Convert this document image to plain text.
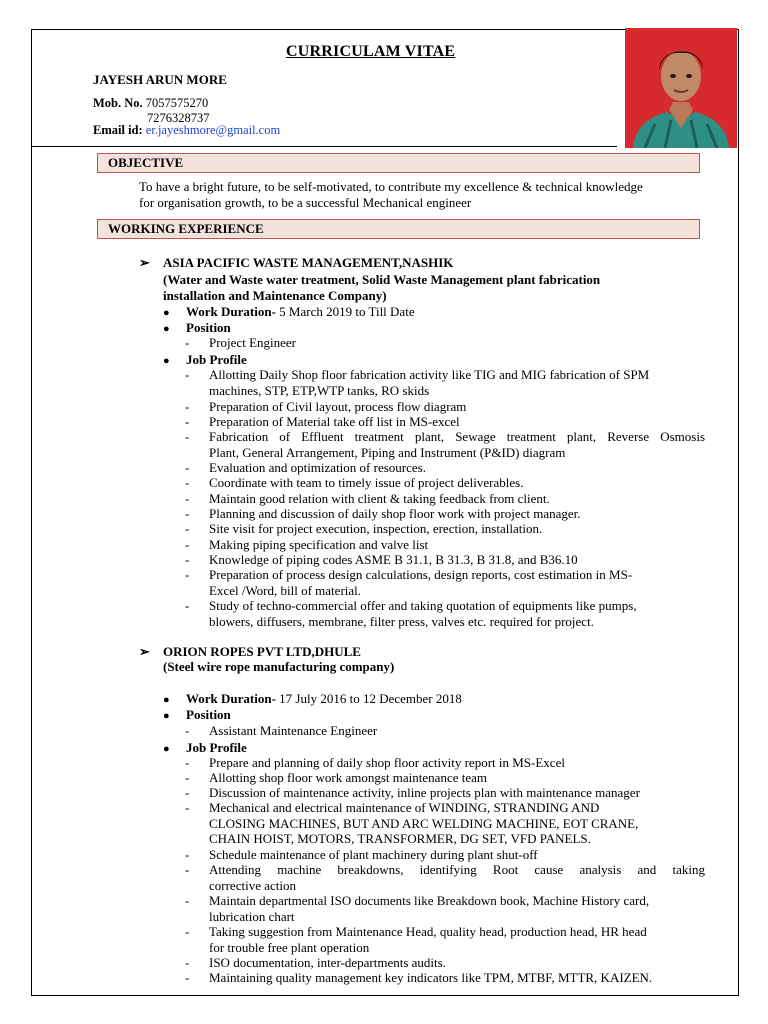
CURRICULAM VITAE
JAYESH ARUN MORE
Mob. No. 7057575270
7276328737
Email id: er.jayeshmore@gmail.com
OBJECTIVE
To have a bright future, to be self-motivated, to contribute my excellence & technical knowledge
for organisation growth, to be a successful Mechanical engineer
WORKING EXPERIENCE
➢ ASIA PACIFIC WASTE MANAGEMENT,NASHIK
(Water and Waste water treatment, Solid Waste Management plant fabrication
installation and Maintenance Company)
● Work Duration- 5 March 2019 to Till Date
● Position
- Project Engineer
● Job Profile
- Allotting Daily Shop floor fabrication activity like TIG and MIG fabrication of SPM
machines, STP, ETP,WTP tanks, RO skids
- Preparation of Civil layout, process flow diagram
- Preparation of Material take off list in MS-excel
- Fabrication of Effluent treatment plant, Sewage treatment plant, Reverse Osmosis
Plant, General Arrangement, Piping and Instrument (P&ID) diagram
- Evaluation and optimization of resources.
- Coordinate with team to timely issue of project deliverables.
- Maintain good relation with client & taking feedback from client.
- Planning and discussion of daily shop floor work with project manager.
- Site visit for project execution, inspection, erection, installation.
- Making piping specification and valve list
- Knowledge of piping codes ASME B 31.1, B 31.3, B 31.8, and B36.10
- Preparation of process design calculations, design reports, cost estimation in MS-
Excel /Word, bill of material.
- Study of techno-commercial offer and taking quotation of equipments like pumps,
blowers, diffusers, membrane, filter press, valves etc. required for project.
➢ ORION ROPES PVT LTD,DHULE
(Steel wire rope manufacturing company)
● Work Duration- 17 July 2016 to 12 December 2018
● Position
- Assistant Maintenance Engineer
● Job Profile
- Prepare and planning of daily shop floor activity report in MS-Excel
- Allotting shop floor work amongst maintenance team
- Discussion of maintenance activity, inline projects plan with maintenance manager
- Mechanical and electrical maintenance of WINDING, STRANDING AND
CLOSING MACHINES, BUT AND ARC WELDING MACHINE, EOT CRANE,
CHAIN HOIST, MOTORS, TRANSFORMER, DG SET, VFD PANELS.
- Schedule maintenance of plant machinery during plant shut-off
- Attending machine breakdowns, identifying Root cause analysis and taking
corrective action
- Maintain departmental ISO documents like Breakdown book, Machine History card,
lubrication chart
- Taking suggestion from Maintenance Head, quality head, production head, HR head
for trouble free plant operation
- ISO documentation, inter-departments audits.
- Maintaining quality management key indicators like TPM, MTBF, MTTR, KAIZEN.
